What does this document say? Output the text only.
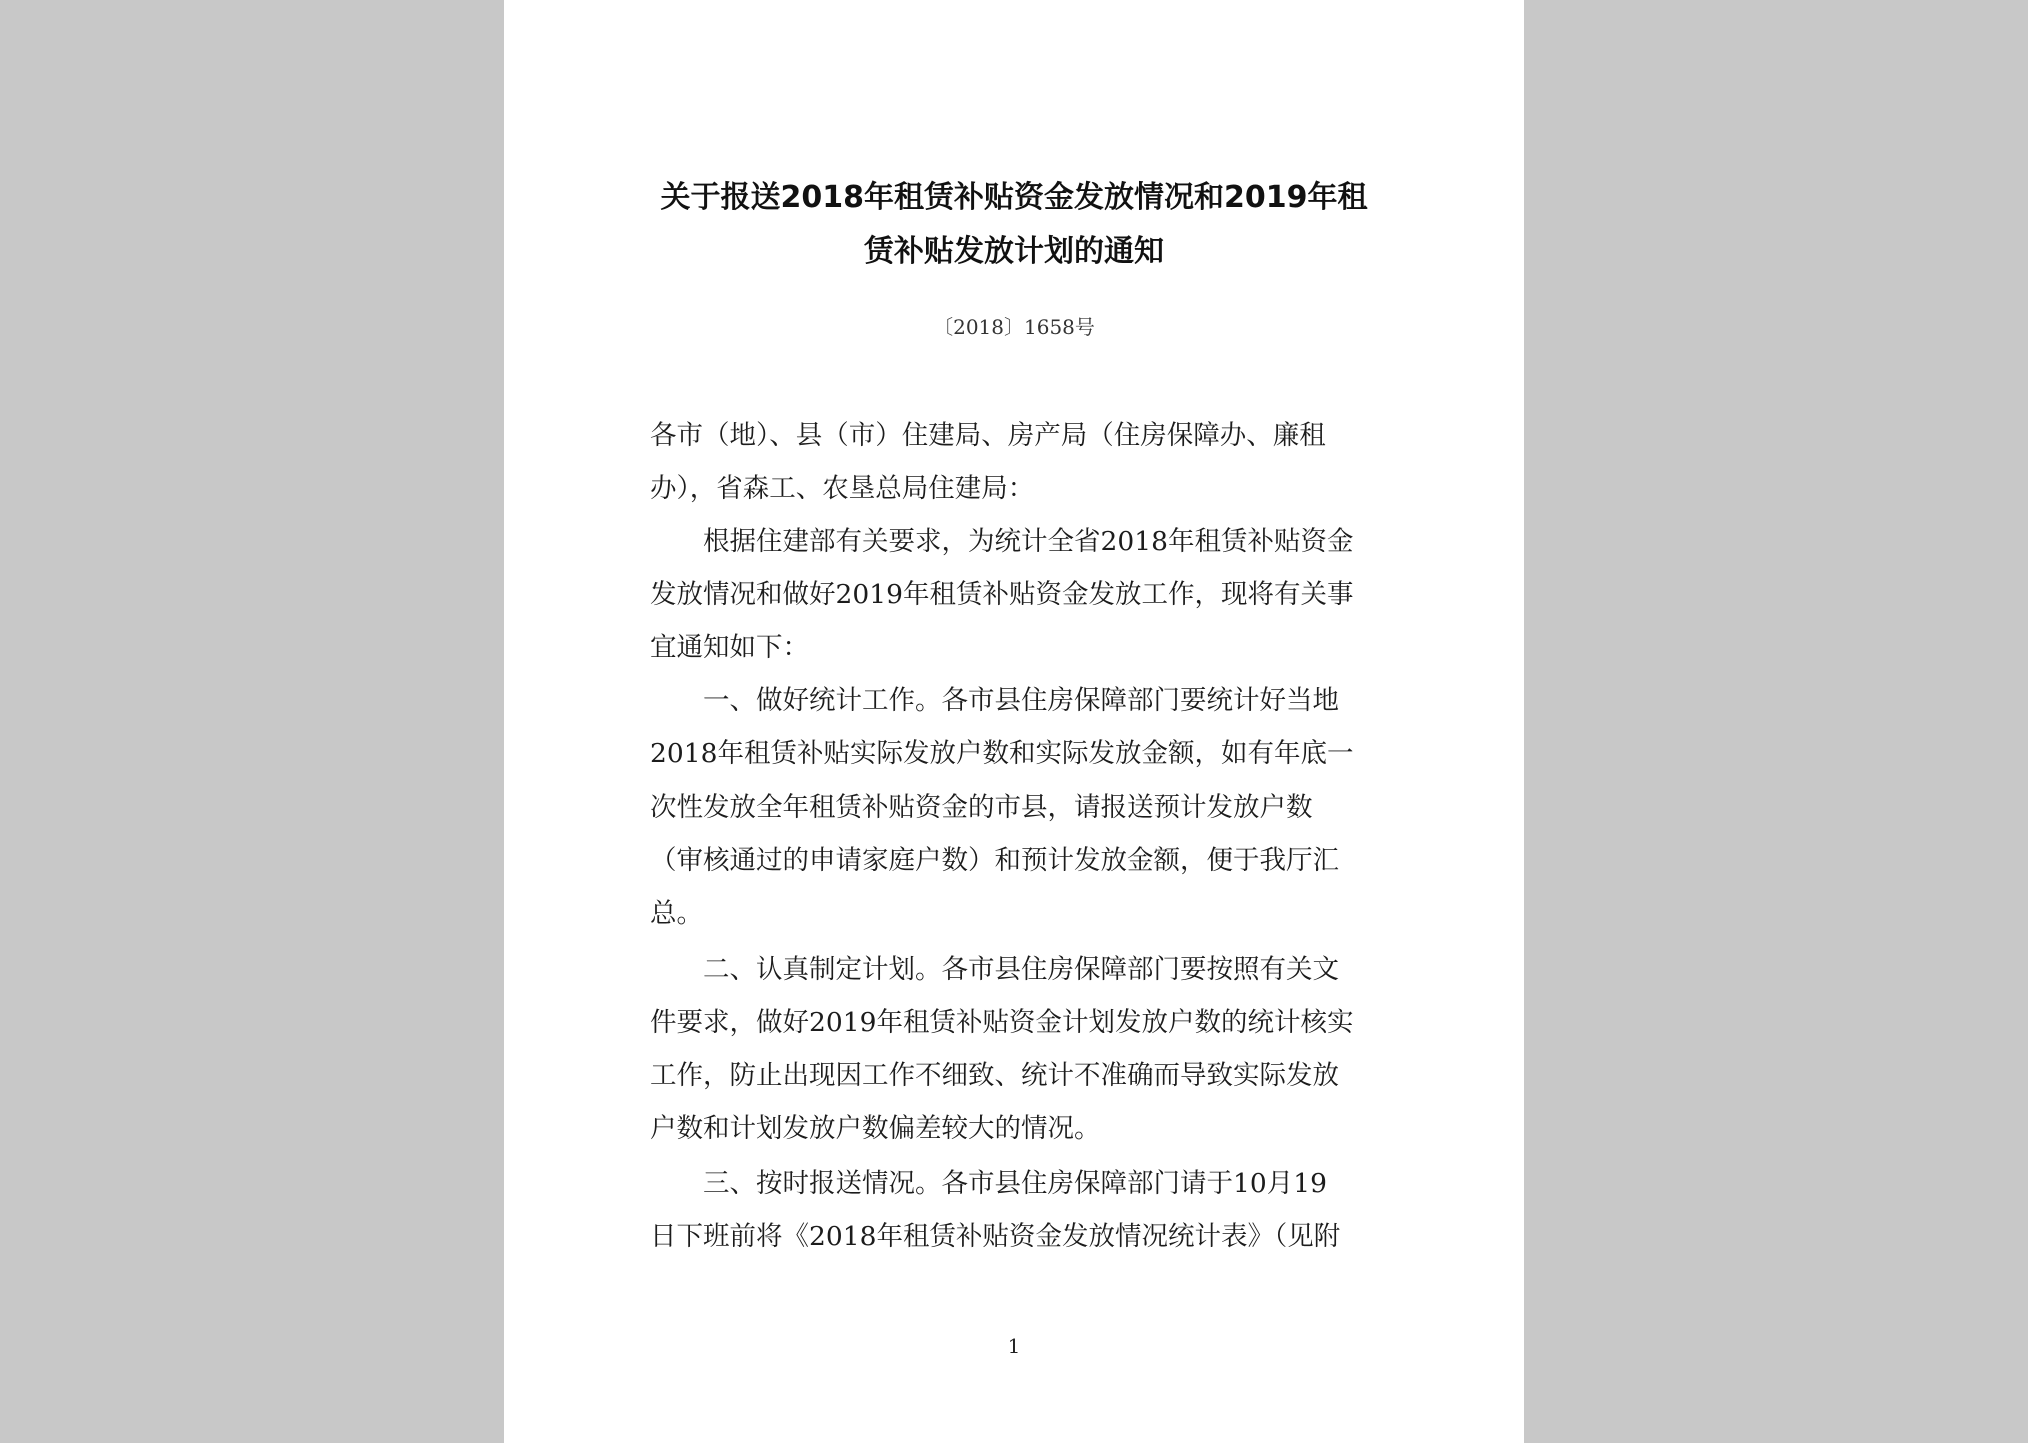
关于报送2018年租赁补贴资金发放情况和2019年租
赁补贴发放计划的通知
〔2018〕1658号
各市（地）、县（市）住建局、房产局（住房保障办、廉租
办），省森工、农垦总局住建局：
　　根据住建部有关要求，为统计全省2018年租赁补贴资金
发放情况和做好2019年租赁补贴资金发放工作，现将有关事
宜通知如下：
　　一、做好统计工作。各市县住房保障部门要统计好当地
2018年租赁补贴实际发放户数和实际发放金额，如有年底一
次性发放全年租赁补贴资金的市县，请报送预计发放户数
（审核通过的申请家庭户数）和预计发放金额，便于我厅汇
总。
　　二、认真制定计划。各市县住房保障部门要按照有关文
件要求，做好2019年租赁补贴资金计划发放户数的统计核实
工作，防止出现因工作不细致、统计不准确而导致实际发放
户数和计划发放户数偏差较大的情况。
　　三、按时报送情况。各市县住房保障部门请于10月19
日下班前将《2018年租赁补贴资金发放情况统计表》（见附
1
